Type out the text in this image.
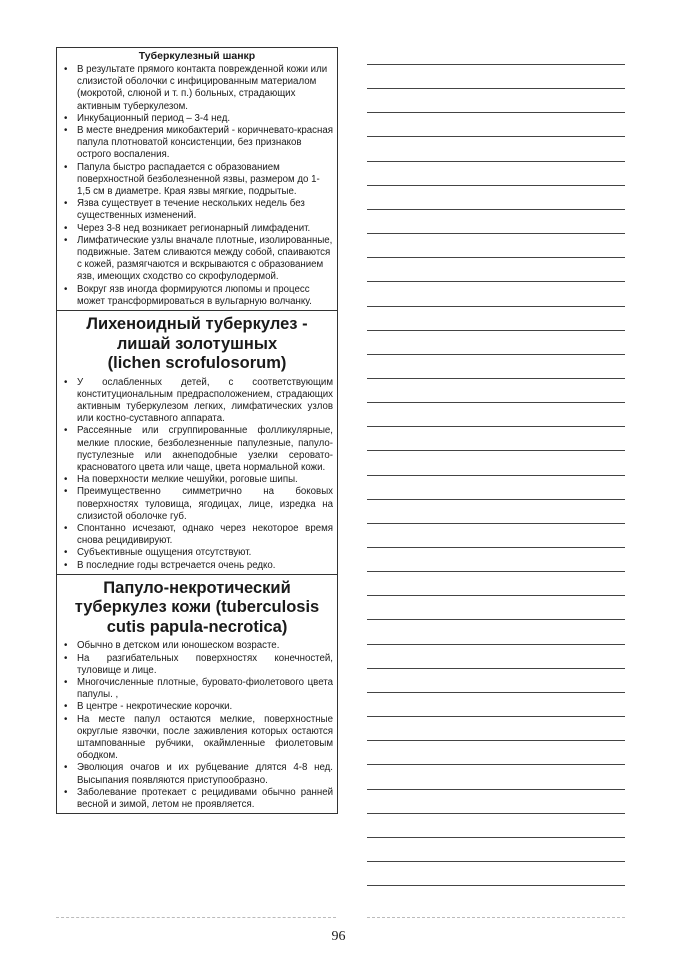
Туберкулезный шанкр
• В результате прямого контакта поврежденной кожи или слизистой оболочки с инфицированным материалом (мокротой, слюной и т. п.) больных, страдающих активным туберкулезом.
• Инкубационный период – 3-4 нед.
• В месте внедрения микобактерий - коричневато-красная папула плотноватой консистенции, без признаков острого воспаления.
• Папула быстро распадается с образованием поверхностной безболезненной язвы, размером до 1-1,5 см в диаметре. Края язвы мягкие, подрытые.
• Язва существует в течение нескольких недель без существенных изменений.
• Через 3-8 нед возникает регионарный лимфаденит.
• Лимфатические узлы вначале плотные, изолированные, подвижные. Затем сливаются между собой, спаиваются с кожей, размягчаются и вскрываются с образованием язв, имеющих сходство со скрофулодермой.
• Вокруг язв иногда формируются люпомы и процесс может трансформироваться в вульгарную волчанку.
Лихеноидный туберкулез -
лишай золотушных
(lichen scrofulosorum)
• У ослабленных детей, с соответствующим конституциональным предрасположением, страдающих активным туберкулезом легких, лимфатических узлов или костно-суставного аппарата.
• Рассеянные или сгруппированные фолликулярные, мелкие плоские, безболезненные папулезные, папуло-пустулезные или акнеподобные узелки серовато-красноватого цвета или чаще, цвета нормальной кожи.
• На поверхности мелкие чешуйки, роговые шипы.
• Преимущественно симметрично на боковых поверхностях туловища, ягодицах, лице, изредка на слизистой оболочке губ.
• Спонтанно исчезают, однако через некоторое время снова рецидивируют.
• Субъективные ощущения отсутствуют.
• В последние годы встречается очень редко.
Папуло-некротический
туберкулез кожи (tuberculosis
cutis papula-necrotica)
• Обычно в детском или юношеском возрасте.
• На разгибательных поверхностях конечностей, туловище и лице.
• Многочисленные плотные, буровато-фиолетового цвета папулы. ,
• В центре - некротические корочки.
• На месте папул остаются мелкие, поверхностные округлые язвочки, после заживления которых остаются штампованные рубчики, окаймленные фиолетовым ободком.
• Эволюция очагов и их рубцевание длятся 4-8 нед. Высыпания появляются приступообразно.
• Заболевание протекает с рецидивами обычно ранней весной и зимой, летом не проявляется.
96
